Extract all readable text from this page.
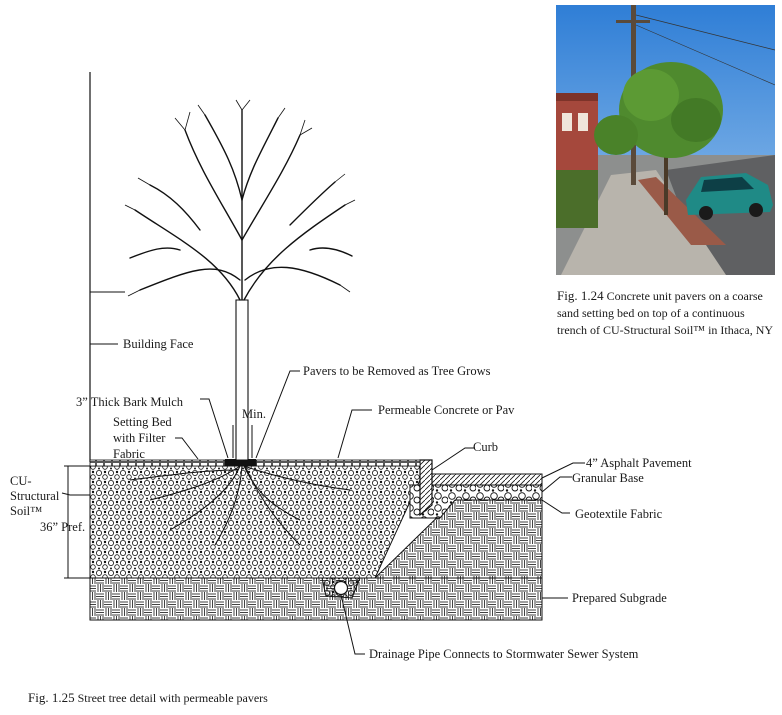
Fig. 1.24 Concrete unit pavers on a coarse sand setting bed on top of a continuous trench of CU-Structural Soil™ in Ithaca, NY
Building Face
Pavers to be Removed as Tree Grows
3” Thick Bark Mulch
Setting Bed
with Filter
Fabric
Min.	Permeable Concrete or Pav
Curb
4” Asphalt Pavement
Granular Base
Geotextile Fabric
CU-
Structural
Soil™
36” Pref.
Prepared Subgrade
Drainage Pipe Connects to Stormwater Sewer System
Fig. 1.25 Street tree detail with permeable pavers
